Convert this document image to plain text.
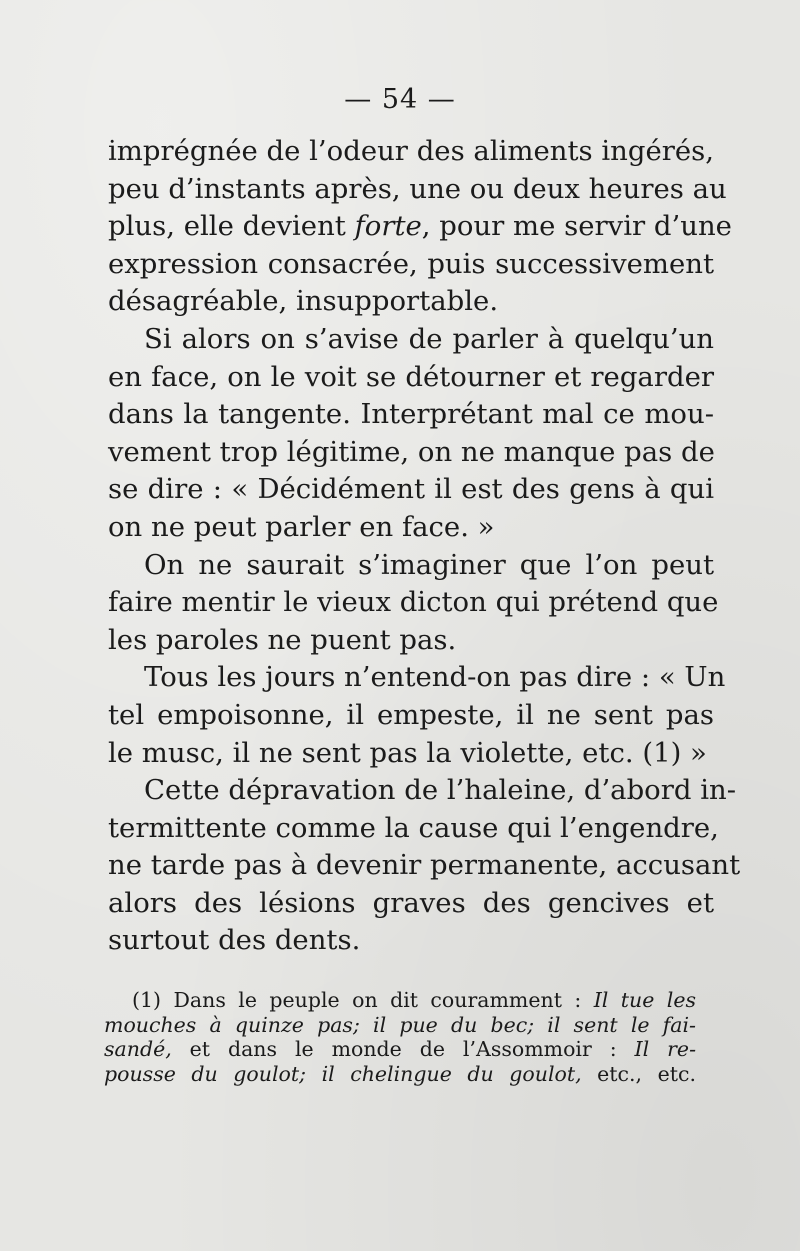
— 54 —
imprégnée de l’odeur des aliments ingérés,
peu d’instants après, une ou deux heures au
plus, elle devient forte, pour me servir d’une
expression consacrée, puis successivement
désagréable, insupportable.
Si alors on s’avise de parler à quelqu’un
en face, on le voit se détourner et regarder
dans la tangente. Interprétant mal ce mou-
vement trop légitime, on ne manque pas de
se dire : « Décidément il est des gens à qui
on ne peut parler en face. »
On ne saurait s’imaginer que l’on peut
faire mentir le vieux dicton qui prétend que
les paroles ne puent pas.
Tous les jours n’entend-on pas dire : « Un
tel empoisonne, il empeste, il ne sent pas
le musc, il ne sent pas la violette, etc. (1) »
Cette dépravation de l’haleine, d’abord in-
termittente comme la cause qui l’engendre,
ne tarde pas à devenir permanente, accusant
alors des lésions graves des gencives et
surtout des dents.
(1) Dans le peuple on dit couramment : Il tue les
mouches à quinze pas; il pue du bec; il sent le fai-
sandé, et dans le monde de l’Assommoir : Il re-
pousse du goulot; il chelingue du goulot, etc., etc.
